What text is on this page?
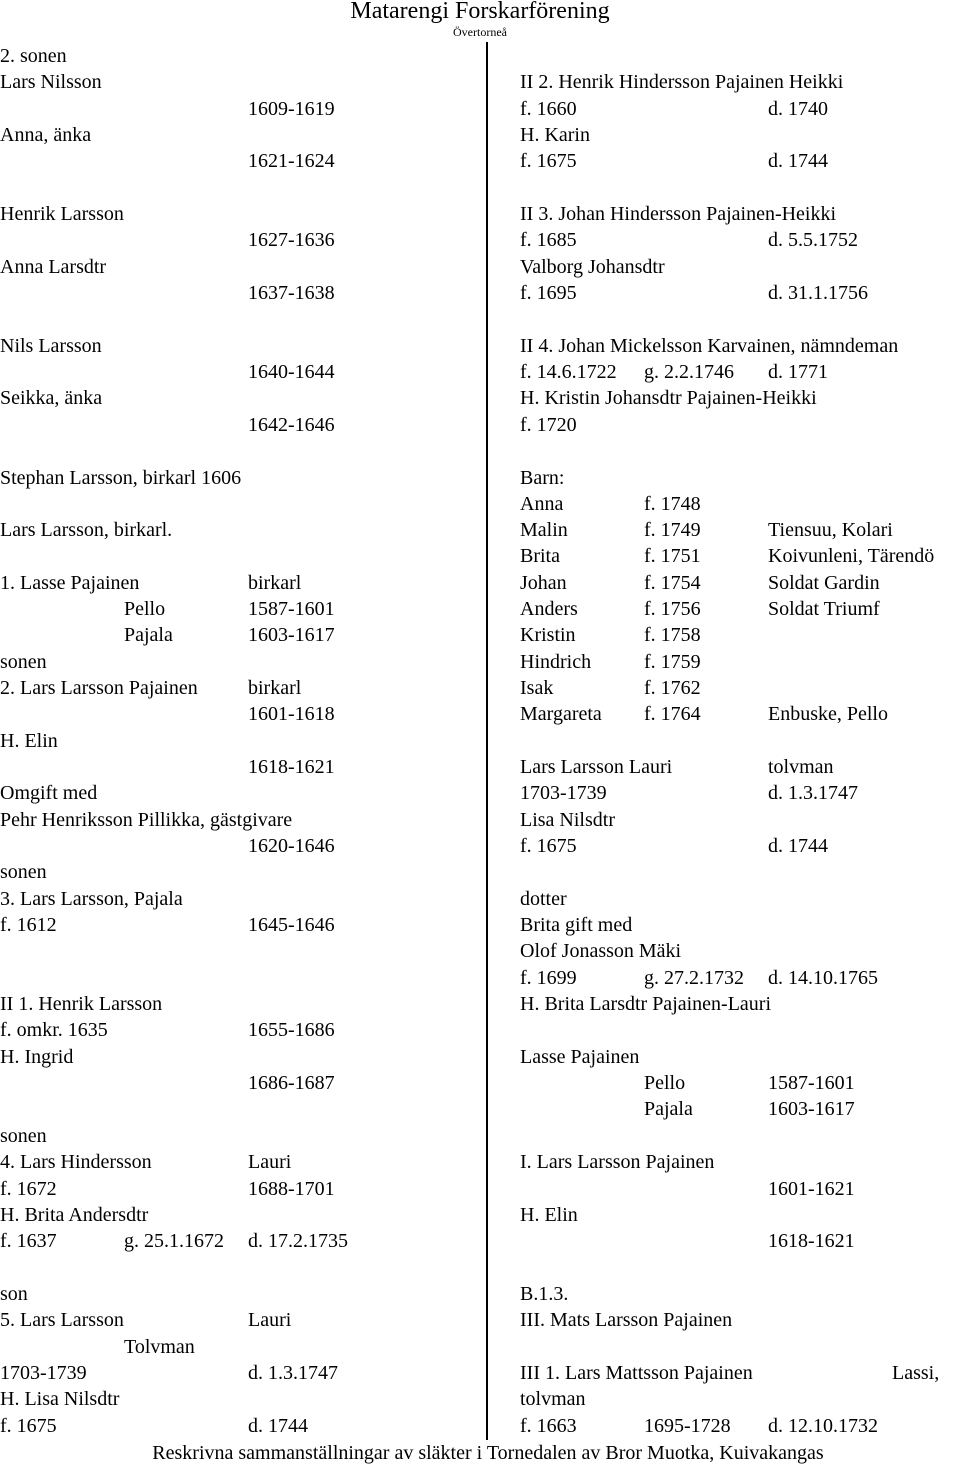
Matarengi Forskarförening
Övertorneå

2. sonen

Lars Nilsson

1609-1619

Anna, änka

1621-1624

Henrik Larsson

1627-1636

Anna Larsdtr

1637-1638

Nils Larsson

1640-1644

Seikka, änka

1642-1646

Stephan Larsson, birkarl 1606

Lars Larsson, birkarl.

1. Lasse Pajainen	birkarl

Pello	1587-1601

Pajala	1603-1617

sonen

2. Lars Larsson Pajainen	birkarl

1601-1618

H. Elin

1618-1621

Omgift med

Pehr Henriksson Pillikka, gästgivare

1620-1646

sonen

3. Lars Larsson, Pajala

f. 1612	1645-1646

II 1. Henrik Larsson

f. omkr. 1635	1655-1686

H. Ingrid

1686-1687

sonen

4. Lars Hindersson	Lauri

f. 1672	1688-1701

H. Brita Andersdtr

f. 1637	g. 25.1.1672 d. 17.2.1735

son

5. Lars Larsson	Lauri

Tolvman

1703-1739	d. 1.3.1747

H. Lisa Nilsdtr

f. 1675	d. 1744

II 2. Henrik Hindersson Pajainen Heikki

f. 1660	d. 1740

H. Karin

f. 1675	d. 1744

II 3. Johan Hindersson Pajainen-Heikki

f. 1685	d. 5.5.1752

Valborg Johansdtr

f. 1695	d. 31.1.1756

II 4. Johan Mickelsson Karvainen, nämndeman

f. 14.6.1722 g. 2.2.1746 d. 1771

H. Kristin Johansdtr Pajainen-Heikki

f. 1720

Barn:

Anna	f. 1748

Malin	f. 1749	Tiensuu, Kolari

Brita	f. 1751	Koivunleni, Tärendö

Johan	f. 1754	Soldat Gardin

Anders	f. 1756	Soldat Triumf

Kristin	f. 1758

Hindrich	f. 1759

Isak	f. 1762

Margareta f. 1764	Enbuske, Pello

Lars Larsson Lauri	tolvman

1703-1739	d. 1.3.1747

Lisa Nilsdtr

f. 1675	d. 1744

dotter

Brita gift med

Olof Jonasson Mäki

f. 1699	g. 27.2.1732 d. 14.10.1765

H. Brita Larsdtr Pajainen-Lauri

Lasse Pajainen

Pello	1587-1601

Pajala	1603-1617

I. Lars Larsson Pajainen

1601-1621

H. Elin

1618-1621

B.1.3.

III. Mats Larsson Pajainen

III 1. Lars Mattsson Pajainen	Lassi,

tolvman

f. 1663	1695-1728 d. 12.10.1732

Reskrivna sammanställningar av släkter i Tornedalen av Bror Muotka, Kuivakangas
